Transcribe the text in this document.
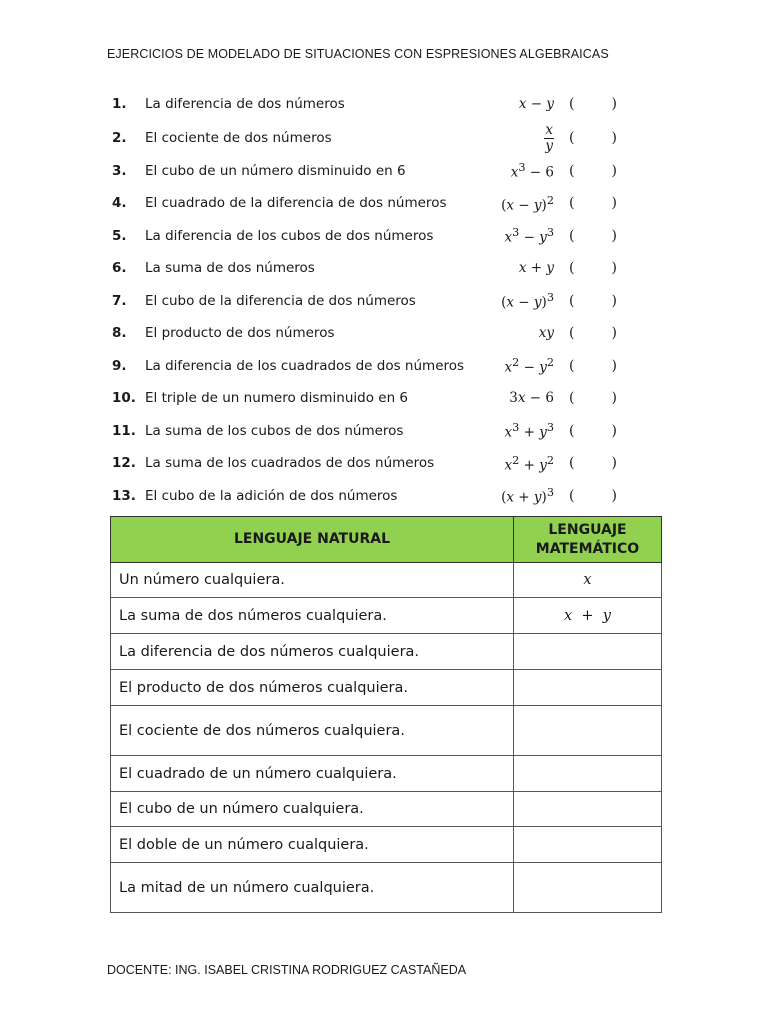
EJERCICIOS DE MODELADO DE SITUACIONES CON ESPRESIONES ALGEBRAICAS
1.	La diferencia de dos números	x − y (	)
2.	El cociente de dos números	$\frac{x}{y}$ (	)
3.	El cubo de un número disminuido en 6	$x^3 - 6$ (	)
4.	El cuadrado de la diferencia de dos números	$(x - y)^2$ (	)
5.	La diferencia de los cubos de dos números	$x^3 - y^3$ (	)
6.	La suma de dos números	x + y (	)
7.	El cubo de la diferencia de dos números	$(x - y)^3$ (	)
8.	El producto de dos números	xy (	)
9.	La diferencia de los cuadrados de dos números	$x^2 - y^2$ (	)
10. El triple de un numero disminuido en 6	3x − 6 (	)
11. La suma de los cubos de dos números	$x^3 + y^3$ (	)
12. La suma de los cuadrados de dos números	$x^2 + y^2$ (	)
13. El cubo de la adición de dos números	$(x + y)^3$ (	)
LENGUAJE NATURAL	LENGUAJE
MATEMÁTICO
Un número cualquiera.	x
La suma de dos números cualquiera.	x  +  y
La diferencia de dos números cualquiera.	
El producto de dos números cualquiera.	
El cociente de dos números cualquiera.	
El cuadrado de un número cualquiera.	
El cubo de un número cualquiera.	
El doble de un número cualquiera.	
La mitad de un número cualquiera.	
DOCENTE: ING. ISABEL CRISTINA RODRIGUEZ CASTAÑEDA
